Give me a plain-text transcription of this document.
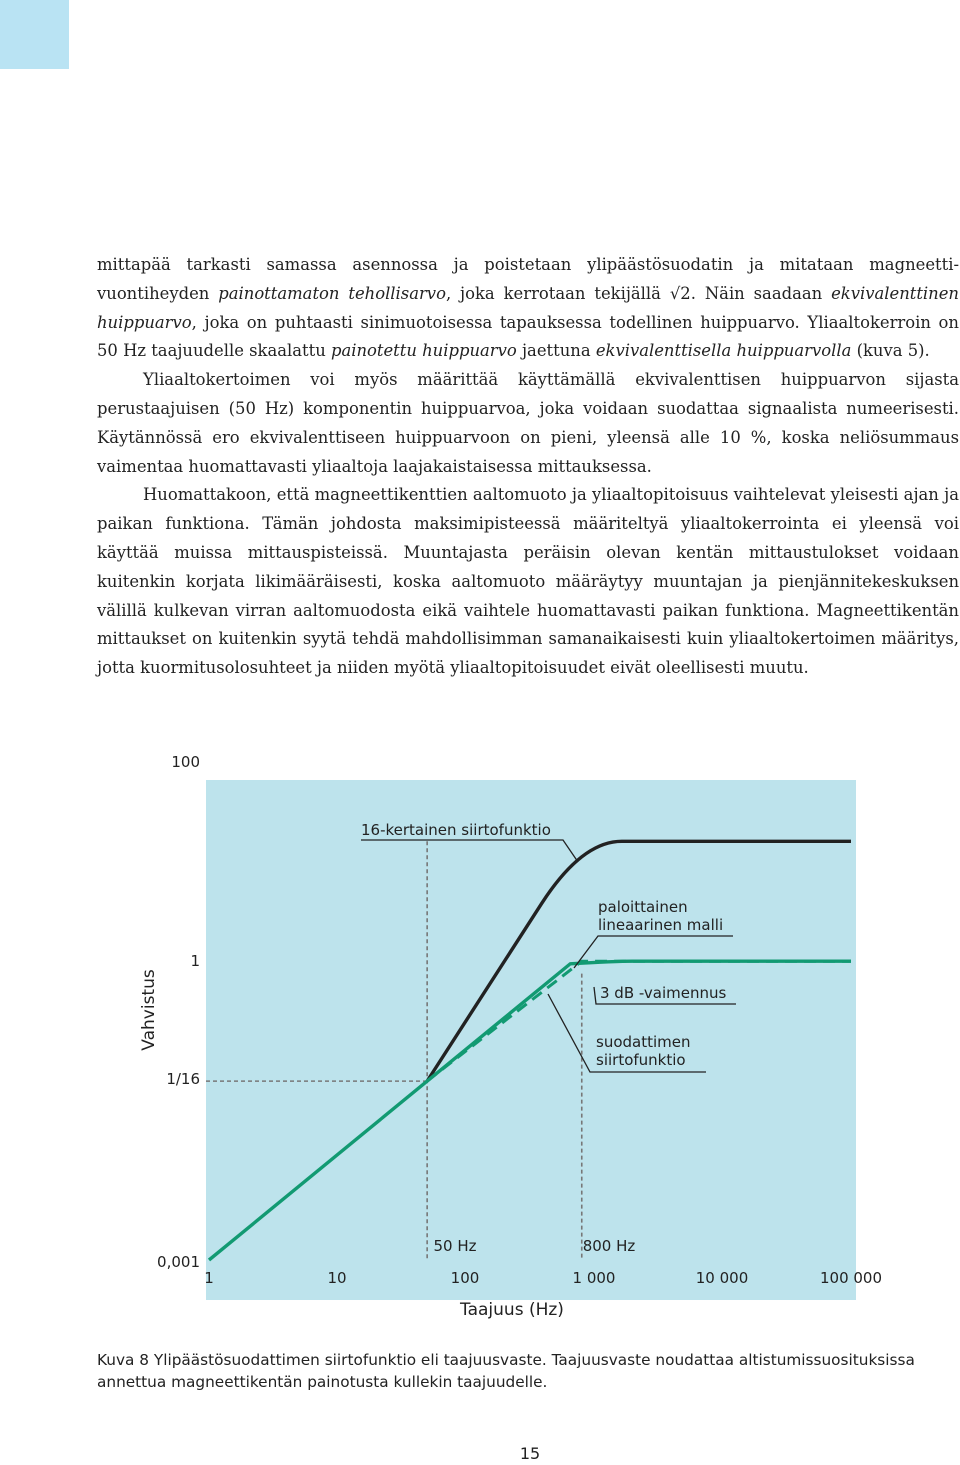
mittapää tarkasti samassa asennossa ja poistetaan ylipäästösuodatin ja mitataan magneettivuontiheyden painottamaton tehollisarvo, joka kerrotaan tekijällä √2. Näin saadaan ekvivalenttinen huippuarvo, joka on puhtaasti sinimuotoisessa tapauksessa todellinen huippuarvo. Yliaaltokerroin on 50 Hz taajuudelle skaalattu painotettu huippuarvo jaettuna ekvivalenttisella huippuarvolla (kuva 5).

Yliaaltokertoimen voi myös määrittää käyttämällä ekvivalenttisen huippuarvon sijasta perustaajuisen (50 Hz) komponentin huippuarvoa, joka voidaan suodattaa signaalista numeerisesti. Käytännössä ero ekvivalenttiseen huippuarvoon on pieni, yleensä alle 10 %, koska neliösummaus vaimentaa huomattavasti yliaaltoja laajakaistaisessa mittauksessa.

Huomattakoon, että magneettikenttien aaltomuoto ja yliaaltopitoisuus vaihtelevat yleisesti ajan ja paikan funktiona. Tämän johdosta maksimipisteessä määriteltyä yliaaltokerrointa ei yleensä voi käyttää muissa mittauspisteissä. Muuntajasta peräisin olevan kentän mittaustulokset voidaan kuitenkin korjata likimääräisesti, koska aaltomuoto määräytyy muuntajan ja pienjännitekeskuksen välillä kulkevan virran aaltomuodosta eikä vaihtele huomattavasti paikan funktiona. Magneettikentän mittaukset on kuitenkin syytä tehdä mahdollisimman samanaikaisesti kuin yliaaltokertoimen määritys, jotta kuormitusolosuhteet ja niiden myötä yliaaltopitoisuudet eivät oleellisesti muutu.

Vahvistus
100
1
1/16
0,001
1	10	100	1 000	10 000	100 000
Taajuus (Hz)
16-kertainen siirtofunktio
paloittainen
lineaarinen malli
3 dB -vaimennus
suodattimen
siirtofunktio
50 Hz	800 Hz
Kuva 8 Ylipäästösuodattimen siirtofunktio eli taajuusvaste. Taajuusvaste noudattaa altistumissuosituksissa annettua magneettikentän painotusta kullekin taajuudelle.
15
